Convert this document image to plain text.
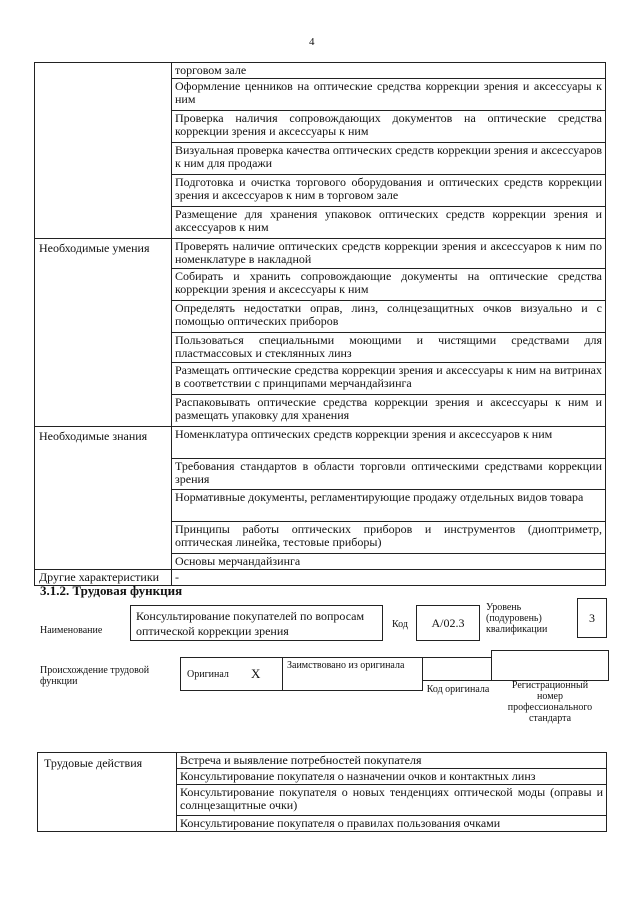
4
	торговом зале
	Оформление ценников на оптические средства коррекции зрения и аксессуары к ним
	Проверка наличия сопровождающих документов на оптические средства коррекции зрения и аксессуары к ним
	Визуальная проверка качества оптических средств коррекции зрения и аксессуаров к ним для продажи
	Подготовка и очистка торгового оборудования и оптических средств коррекции зрения и аксессуаров к ним в торговом зале
	Размещение для хранения упаковок оптических средств коррекции зрения и аксессуаров к ним
Необходимые умения	Проверять наличие оптических средств коррекции зрения и аксессуаров к ним по номенклатуре в накладной
	Собирать и хранить сопровождающие документы на оптические средства коррекции зрения и аксессуары к ним
	Определять недостатки оправ, линз, солнцезащитных очков визуально и с помощью оптических приборов
	Пользоваться специальными моющими и чистящими средствами для пластмассовых и стеклянных линз
	Размещать оптические средства коррекции зрения и аксессуары к ним на витринах в соответствии с принципами мерчандайзинга
	Распаковывать оптические средства коррекции зрения и аксессуары к ним и размещать упаковку для хранения
Необходимые знания	Номенклатура оптических средств коррекции зрения и аксессуаров к ним
	Требования стандартов в области торговли оптическими средствами коррекции зрения
	Нормативные документы, регламентирующие продажу отдельных видов товара
	Принципы работы оптических приборов и инструментов (диоптриметр, оптическая линейка, тестовые приборы)
	Основы мерчандайзинга
Другие характеристики	-
3.1.2. Трудовая функция
Наименование
Консультирование покупателей по вопросам оптической коррекции зрения	Код	A/02.3
Уровень (подуровень) квалификации
3
Происхождение трудовой функции
Оригинал X
Заимствовано из оригинала
Код оригинала	Регистрационный номер профессионального стандарта
Трудовые действия	Встреча и выявление потребностей покупателя
Консультирование покупателя о назначении очков и контактных линз
Консультирование покупателя о новых тенденциях оптической моды (оправы и солнцезащитные очки)
Консультирование покупателя о правилах пользования очками
